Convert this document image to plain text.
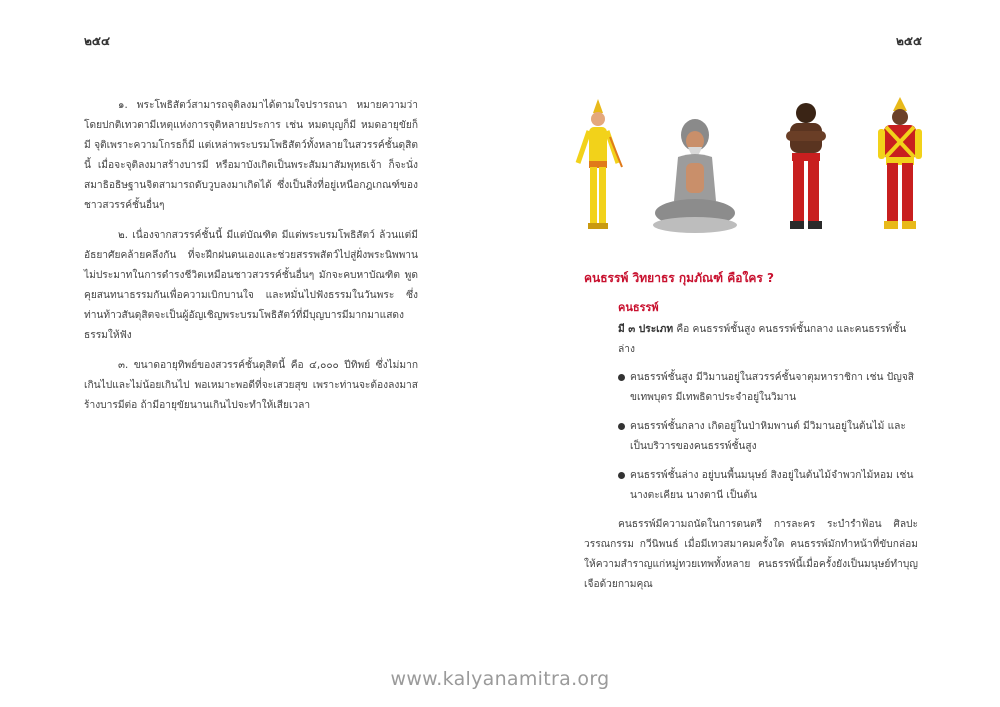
๒๕๔	๒๕๕

๑. พระโพธิสัตว์สามารถจุติลงมาได้ตามใจปรารถนา หมายความว่า โดยปกติเทวดามีเหตุแห่งการจุติหลายประการ เช่น หมดบุญก็มี หมดอายุขัยก็มี จุติเพราะความโกรธก็มี แต่เหล่าพระบรมโพธิสัตว์ทั้งหลายในสวรรค์ชั้นดุสิตนี้ เมื่อจะจุติลงมาสร้างบารมี หรือมาบังเกิดเป็นพระสัมมาสัมพุทธเจ้า ก็จะนั่งสมาธิอธิษฐานจิตสามารถดับวูบลงมาเกิดได้ ซึ่งเป็นสิ่งที่อยู่เหนือกฎเกณฑ์ของชาวสวรรค์ชั้นอื่นๆ

๒. เนื่องจากสวรรค์ชั้นนี้ มีแต่บัณฑิต มีแต่พระบรมโพธิสัตว์ ล้วนแต่มีอัธยาศัยคล้ายคลึงกัน ที่จะฝึกฝนตนเองและช่วยสรรพสัตว์ไปสู่ฝั่งพระนิพพาน ไม่ประมาทในการดำรงชีวิตเหมือนชาวสวรรค์ชั้นอื่นๆ มักจะคบหาบัณฑิต พูดคุยสนทนาธรรมกันเพื่อความเบิกบานใจ และหมั่นไปฟังธรรมในวันพระ ซึ่งท่านท้าวสันดุสิตจะเป็นผู้อัญเชิญพระบรมโพธิสัตว์ที่มีบุญบารมีมากมาแสดงธรรมให้ฟัง

๓. ขนาดอายุทิพย์ของสวรรค์ชั้นดุสิตนี้ คือ ๔,๐๐๐ ปีทิพย์ ซึ่งไม่มากเกินไปและไม่น้อยเกินไป พอเหมาะพอดีที่จะเสวยสุข เพราะท่านจะต้องลงมาสร้างบารมีต่อ ถ้ามีอายุขัยนานเกินไปจะทำให้เสียเวลา

คนธรรพ์ วิทยาธร กุมภัณฑ์ คือใคร ?
คนธรรพ์
มี ๓ ประเภท คือ คนธรรพ์ชั้นสูง คนธรรพ์ชั้นกลาง และคนธรรพ์ชั้นล่าง
คนธรรพ์ชั้นสูง มีวิมานอยู่ในสวรรค์ชั้นจาตุมหาราชิกา เช่น ปัญจสิขเทพบุตร มีเทพธิดาประจำอยู่ในวิมาน
คนธรรพ์ชั้นกลาง เกิดอยู่ในป่าหิมพานต์ มีวิมานอยู่ในต้นไม้ และเป็นบริวารของคนธรรพ์ชั้นสูง
คนธรรพ์ชั้นล่าง อยู่บนพื้นมนุษย์ สิงอยู่ในต้นไม้จำพวกไม้หอม เช่น นางตะเคียน นางตานี เป็นต้น

คนธรรพ์มีความถนัดในการดนตรี การละคร ระบำรำฟ้อน ศิลปะวรรณกรรม กวีนิพนธ์ เมื่อมีเทวสมาคมครั้งใด คนธรรพ์มักทำหน้าที่ขับกล่อมให้ความสำราญแก่หมู่ทวยเทพทั้งหลาย คนธรรพ์นี้เมื่อครั้งยังเป็นมนุษย์ทำบุญเจือด้วยกามคุณ

www.kalyanamitra.org
